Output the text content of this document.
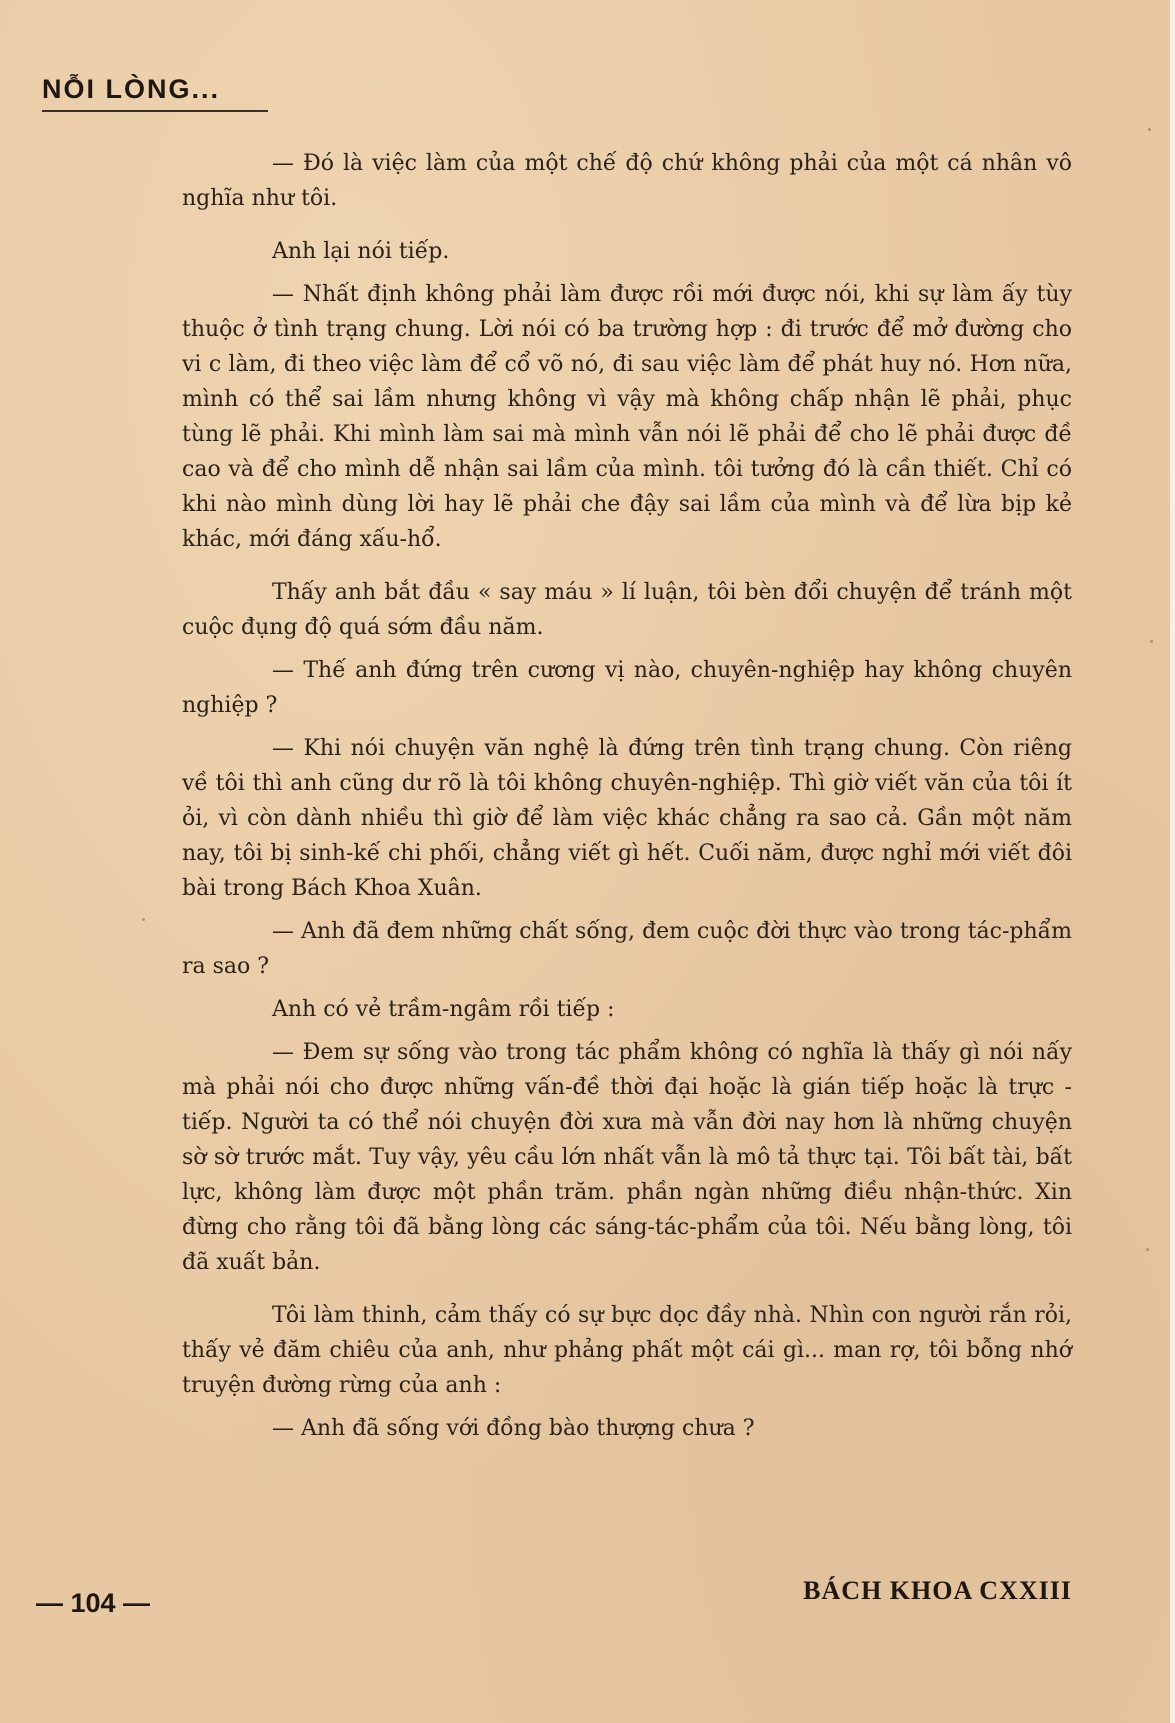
NỖI LÒNG...

— Đó là việc làm của một chế độ chứ không phải của một cá nhân vô nghĩa như tôi.

Anh lại nói tiếp.

— Nhất định không phải làm được rồi mới được nói, khi sự làm ấy tùy thuộc ở tình trạng chung. Lời nói có ba trường hợp : đi trước để mở đường cho vi c làm, đi theo việc làm để cổ võ nó, đi sau việc làm để phát huy nó. Hơn nữa, mình có thể sai lầm nhưng không vì vậy mà không chấp nhận lẽ phải, phục tùng lẽ phải. Khi mình làm sai mà mình vẫn nói lẽ phải để cho lẽ phải được đề cao và để cho mình dễ nhận sai lầm của mình. tôi tưởng đó là cần thiết. Chỉ có khi nào mình dùng lời hay lẽ phải che đậy sai lầm của mình và để lừa bịp kẻ khác, mới đáng xấu-hổ.

Thấy anh bắt đầu « say máu » lí luận, tôi bèn đổi chuyện để tránh một cuộc đụng độ quá sớm đầu năm.

— Thế anh đứng trên cương vị nào, chuyên-nghiệp hay không chuyên nghiệp ?

— Khi nói chuyện văn nghệ là đứng trên tình trạng chung. Còn riêng về tôi thì anh cũng dư rõ là tôi không chuyên-nghiệp. Thì giờ viết văn của tôi ít ỏi, vì còn dành nhiều thì giờ để làm việc khác chẳng ra sao cả. Gần một năm nay, tôi bị sinh-kế chi phối, chẳng viết gì hết. Cuối năm, được nghỉ mới viết đôi bài trong Bách Khoa Xuân.

— Anh đã đem những chất sống, đem cuộc đời thực vào trong tác-phẩm ra sao ?

Anh có vẻ trầm-ngâm rồi tiếp :

— Đem sự sống vào trong tác phẩm không có nghĩa là thấy gì nói nấy mà phải nói cho được những vấn-đề thời đại hoặc là gián tiếp hoặc là trực - tiếp. Người ta có thể nói chuyện đời xưa mà vẫn đời nay hơn là những chuyện sờ sờ trước mắt. Tuy vậy, yêu cầu lớn nhất vẫn là mô tả thực tại. Tôi bất tài, bất lực, không làm được một phần trăm. phần ngàn những điều nhận-thức. Xin đừng cho rằng tôi đã bằng lòng các sáng-tác-phẩm của tôi. Nếu bằng lòng, tôi đã xuất bản.

Tôi làm thinh, cảm thấy có sự bực dọc đầy nhà. Nhìn con người rắn rỏi, thấy vẻ đăm chiêu của anh, như phảng phất một cái gì... man rợ, tôi bỗng nhớ truyện đường rừng của anh :

— Anh đã sống với đồng bào thượng chưa ?

— 104 —	BÁCH KHOA CXXIII
